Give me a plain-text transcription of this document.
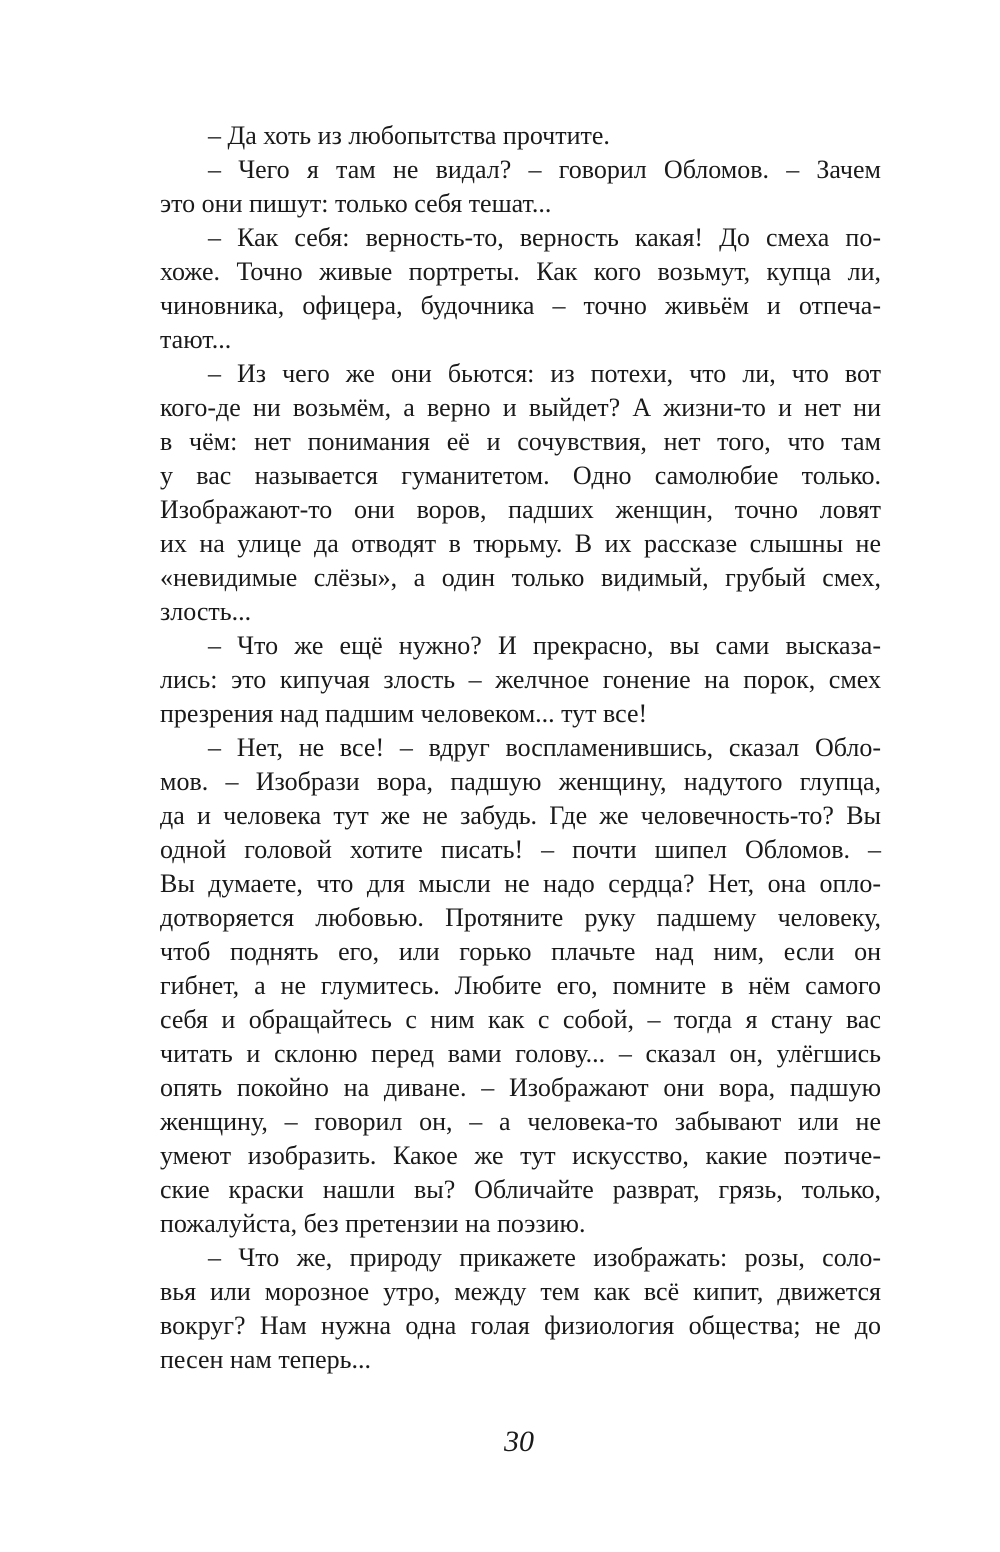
– Да хоть из любопытства прочтите.
– Чего я там не видал? – говорил Обломов. – Зачем
это они пишут: только себя тешат...
– Как себя: верность-то, верность какая! До смеха по-
хоже. Точно живые портреты. Как кого возьмут, купца ли,
чиновника, офицера, будочника – точно живьём и отпеча-
тают...
– Из чего же они бьются: из потехи, что ли, что вот
кого-де ни возьмём, а верно и выйдет? А жизни-то и нет ни
в чём: нет понимания её и сочувствия, нет того, что там
у вас называется гуманитетом. Одно самолюбие только.
Изображают-то они воров, падших женщин, точно ловят
их на улице да отводят в тюрьму. В их рассказе слышны не
«невидимые слёзы», а один только видимый, грубый смех,
злость...
– Что же ещё нужно? И прекрасно, вы сами высказа-
лись: это кипучая злость – желчное гонение на порок, смех
презрения над падшим человеком... тут все!
– Нет, не все! – вдруг воспламенившись, сказал Обло-
мов. – Изобрази вора, падшую женщину, надутого глупца,
да и человека тут же не забудь. Где же человечность-то? Вы
одной головой хотите писать! – почти шипел Обломов. –
Вы думаете, что для мысли не надо сердца? Нет, она опло-
дотворяется любовью. Протяните руку падшему человеку,
чтоб поднять его, или горько плачьте над ним, если он
гибнет, а не глумитесь. Любите его, помните в нём самого
себя и обращайтесь с ним как с собой, – тогда я стану вас
читать и склоню перед вами голову... – сказал он, улёгшись
опять покойно на диване. – Изображают они вора, падшую
женщину, – говорил он, – а человека-то забывают или не
умеют изобразить. Какое же тут искусство, какие поэтиче-
ские краски нашли вы? Обличайте разврат, грязь, только,
пожалуйста, без претензии на поэзию.
– Что же, природу прикажете изображать: розы, соло-
вья или морозное утро, между тем как всё кипит, движется
вокруг? Нам нужна одна голая физиология общества; не до
песен нам теперь...
30
